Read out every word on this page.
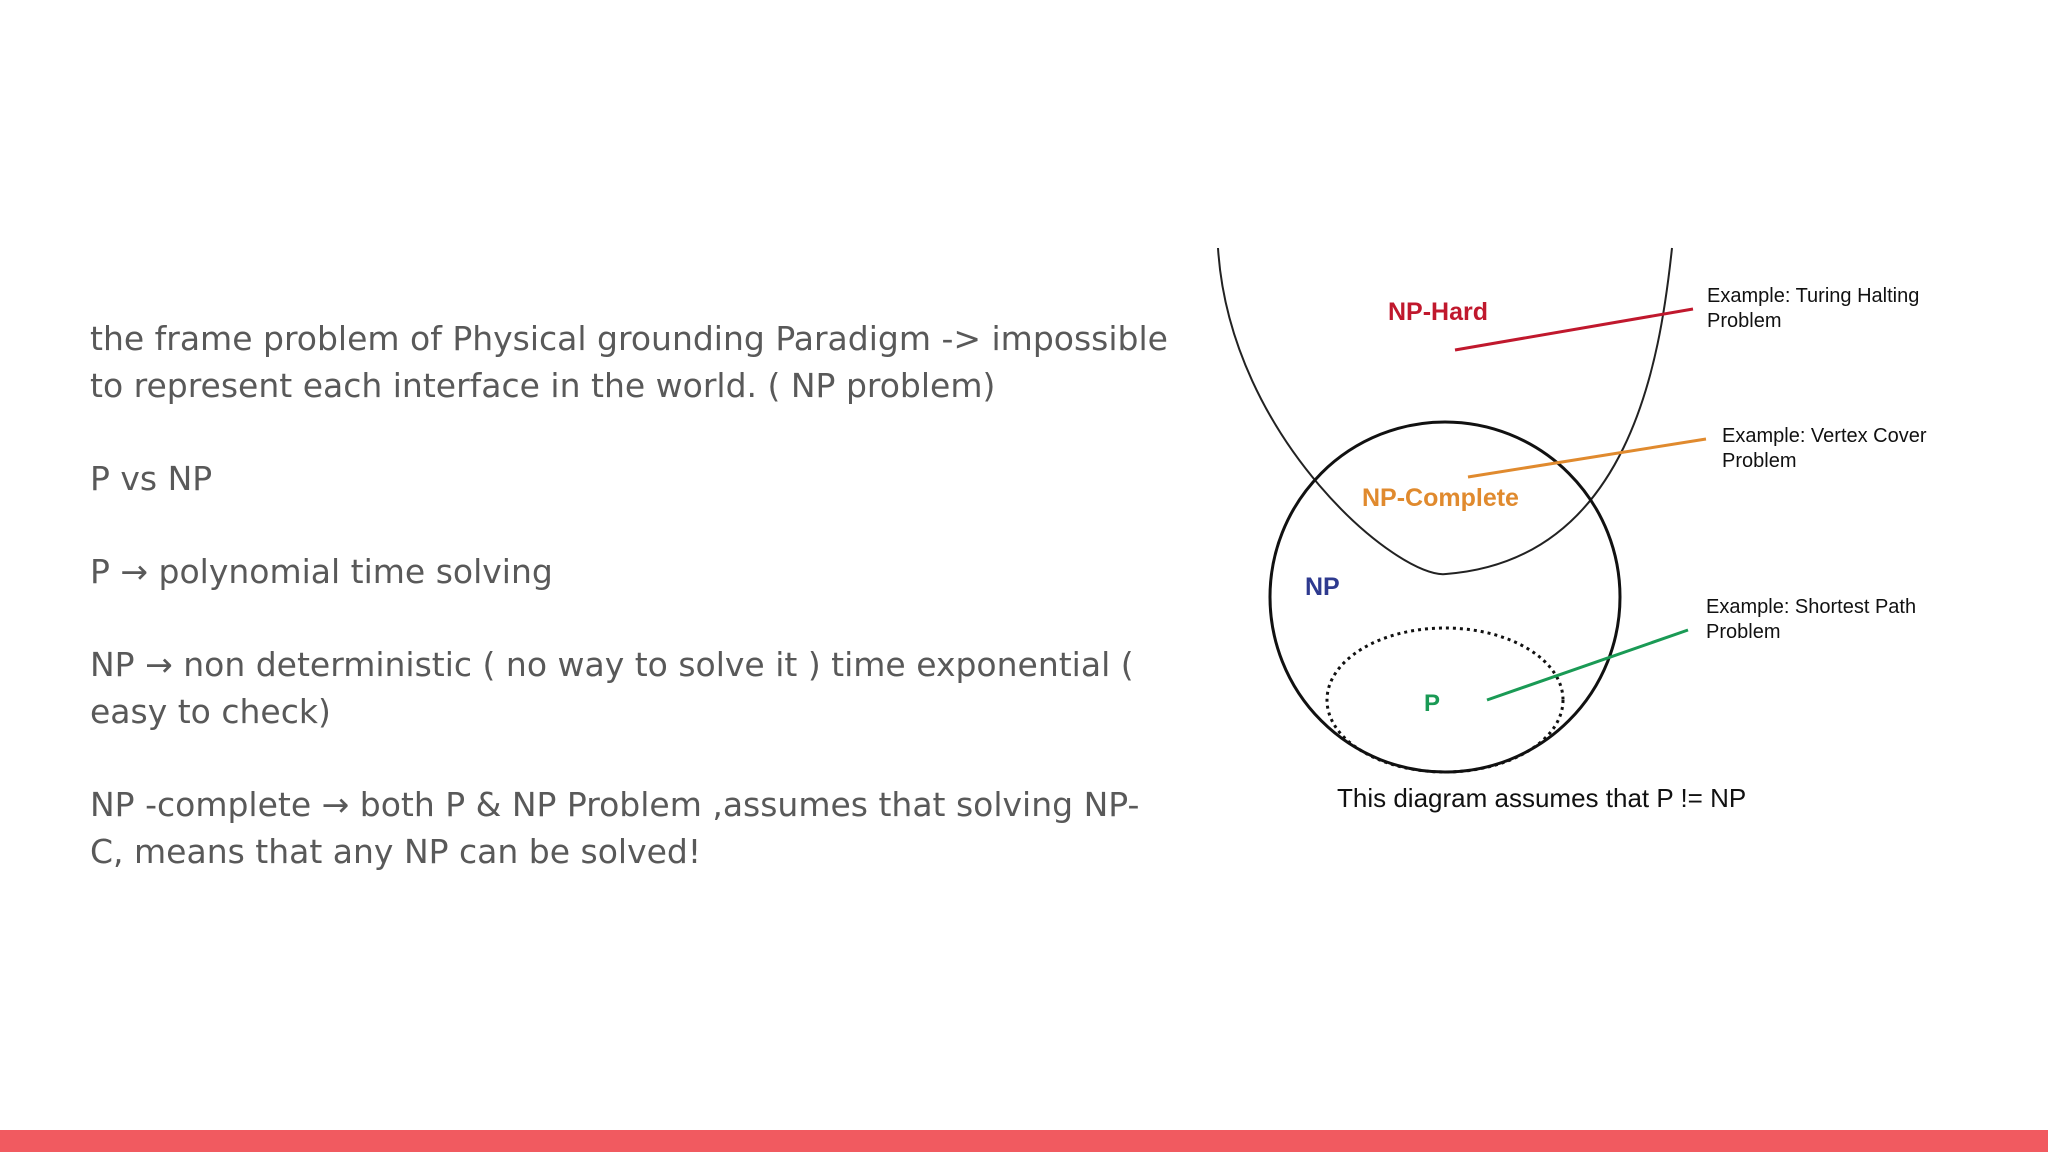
the frame problem of Physical grounding Paradigm -> impossible to represent each interface in the world. ( NP problem)

P vs NP

P → polynomial time solving

NP → non deterministic ( no way to solve it ) time exponential ( easy to check)

NP -complete → both P & NP Problem ,assumes that solving NP-C, means that any NP can be solved!

NP-Hard
NP-Complete
NP
P
Example: Turing Halting Problem
Example: Vertex Cover Problem
Example: Shortest Path Problem
This diagram assumes that P != NP
